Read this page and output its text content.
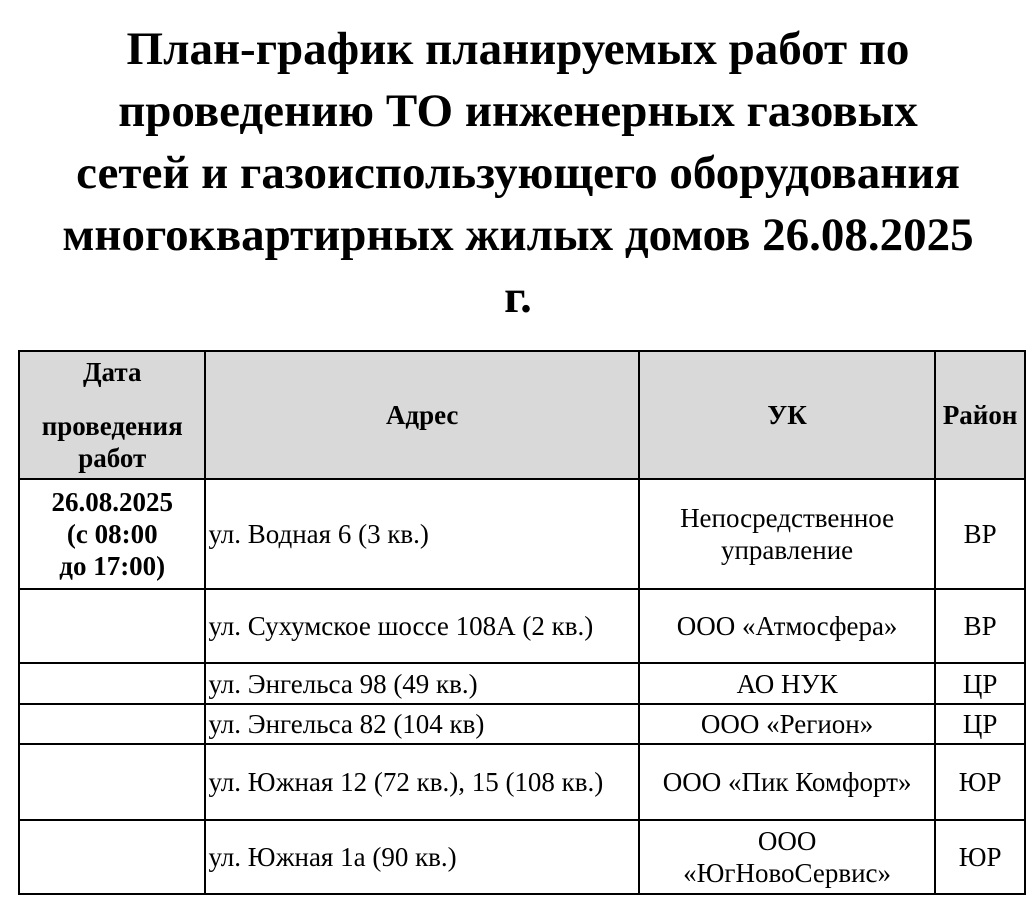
План-график планируемых работ по
проведению ТО инженерных газовых
сетей и газоиспользующего оборудования
многоквартирных жилых домов 26.08.2025
г.
Дата
проведения
работ	Адрес	УК	Район

26.08.2025
(с 08:00
до 17:00)	ул. Водная 6 (3 кв.)	Непосредственное
управление	ВР
	ул. Сухумское шоссе 108А (2 кв.)	ООО «Атмосфера»	ВР
	ул. Энгельса 98 (49 кв.)	АО НУК	ЦР
	ул. Энгельса 82 (104 кв)	ООО «Регион»	ЦР
	ул. Южная 12 (72 кв.), 15 (108 кв.)	ООО «Пик Комфорт»	ЮР
	ул. Южная 1а (90 кв.)	ООО
«ЮгНовоСервис»	ЮР
